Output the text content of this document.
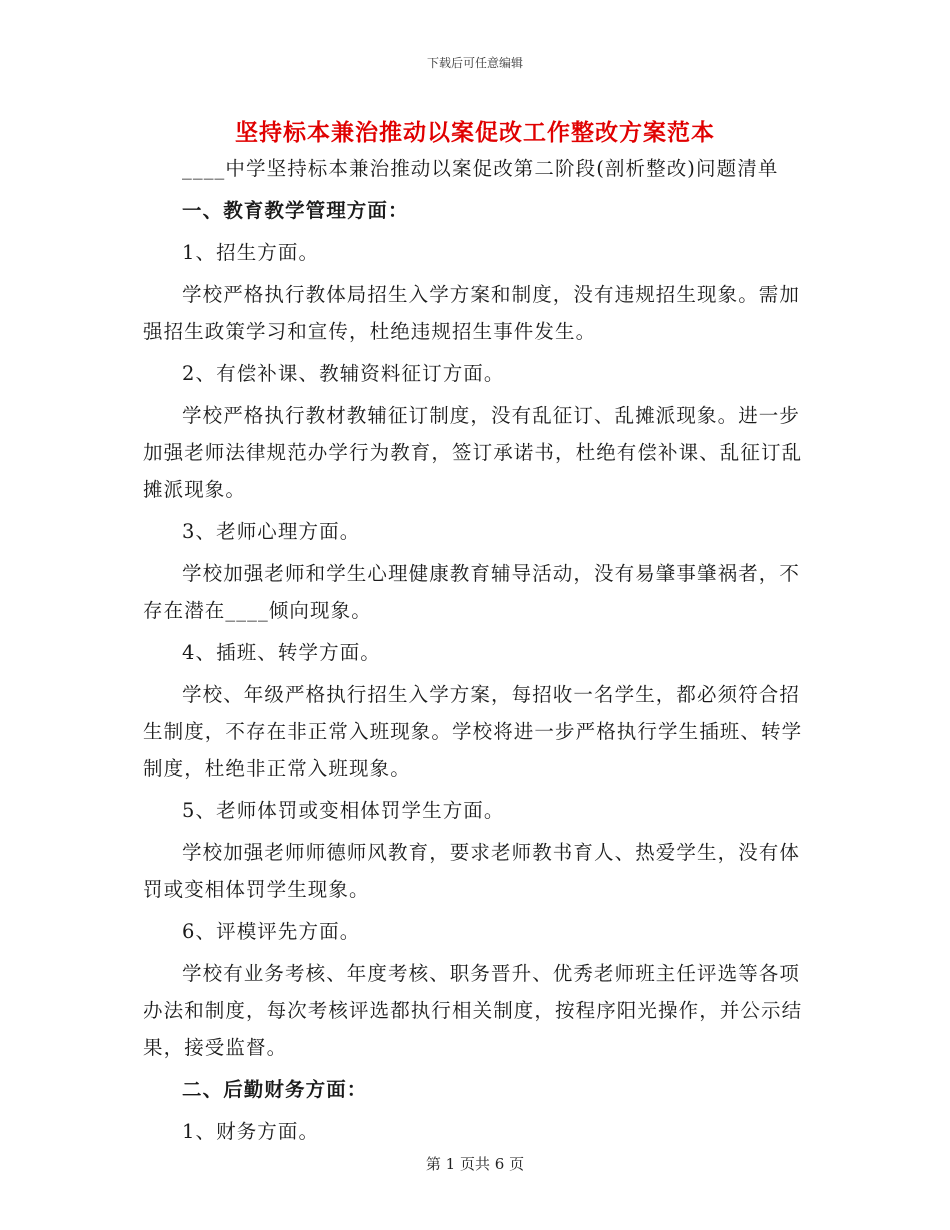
下载后可任意编辑
坚持标本兼治推动以案促改工作整改方案范本

____中学坚持标本兼治推动以案促改第二阶段(剖析整改)问题清单

一、教育教学管理方面：

1、招生方面。

学校严格执行教体局招生入学方案和制度，没有违规招生现象。需加强招生政策学习和宣传，杜绝违规招生事件发生。

2、有偿补课、教辅资料征订方面。

学校严格执行教材教辅征订制度，没有乱征订、乱摊派现象。进一步加强老师法律规范办学行为教育，签订承诺书，杜绝有偿补课、乱征订乱摊派现象。

3、老师心理方面。

学校加强老师和学生心理健康教育辅导活动，没有易肇事肇祸者，不存在潜在____倾向现象。

4、插班、转学方面。

学校、年级严格执行招生入学方案，每招收一名学生，都必须符合招生制度，不存在非正常入班现象。学校将进一步严格执行学生插班、转学制度，杜绝非正常入班现象。

5、老师体罚或变相体罚学生方面。

学校加强老师师德师风教育，要求老师教书育人、热爱学生，没有体罚或变相体罚学生现象。

6、评模评先方面。

学校有业务考核、年度考核、职务晋升、优秀老师班主任评选等各项办法和制度，每次考核评选都执行相关制度，按程序阳光操作，并公示结果，接受监督。

二、后勤财务方面：

1、财务方面。

第 1 页共 6 页
